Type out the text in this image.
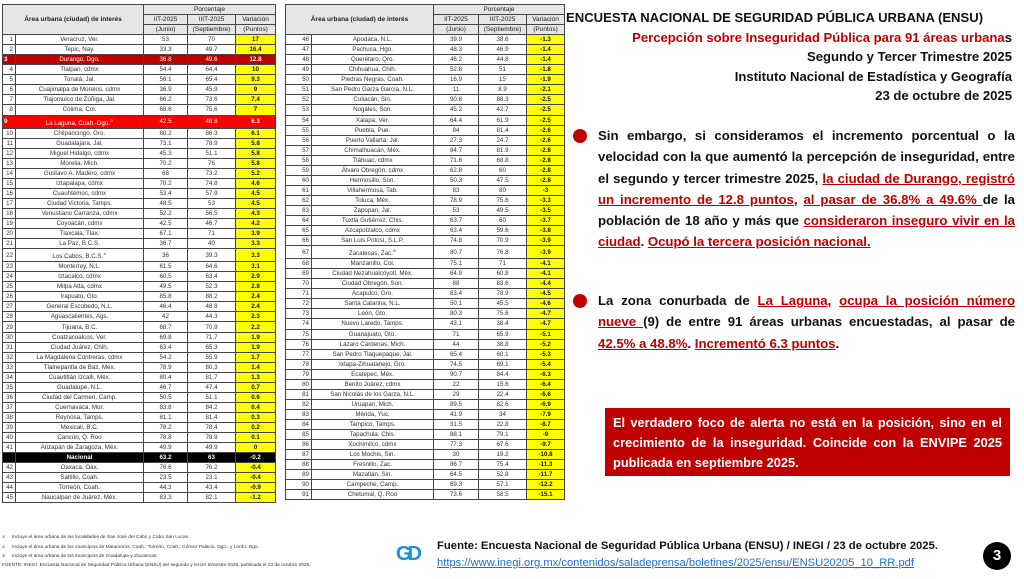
Área urbana (ciudad) de interés		Porcentaje		
		IIT-2025	IIIT-2025	Variación
		(Junio)	(Septiembre)	(Puntos)
1	Veracruz, Ver.	53	70	17
2	Tepic, Nay.	33.3	49.7	16.4
3	Durango, Dgo.	36.8	49.6	12.8
4	Tlalpan, cdmx	54.4	64.4	10
5	Tonalá, Jal.	56.1	65.4	9.3
6	Cuajimalpa de Morelos, cdmx	36.9	45.9	9
7	Tlajomulco de Zúñiga, Jal.	66.2	73.6	7.4
8	Colima, Col.	68.6	75.6	7
9	La Laguna, Coah.-Dgo.$^{2/}$	42.5	48.8	6.3
10	Chilpancingo, Gro.	80.2	86.3	6.1
11	Guadalajara, Jal.	73.1	78.9	5.8
12	Miguel Hidalgo, cdmx	45.3	51.1	5.8
13	Morelia, Mich.	70.2	76	5.8
14	Gustavo A. Madero, cdmx	68	73.2	5.2
15	Iztapalapa, cdmx	70.2	74.8	4.6
16	Cuauhtémoc, cdmx	53.4	57.9	4.5
17	Ciudad Victoria, Tamps.	48.5	53	4.5
18	Venustiano Carranza, cdmx	52.2	56.5	4.3
19	Coyoacán, cdmx	42.5	46.7	4.2
20	Tlaxcala, Tlax.	67.1	71	3.9
21	La Paz, B.C.S.	36.7	40	3.3
22	Los Cabos, B.C.S.$^{1/}$	36	39.3	3.3
23	Monterrey, N.L.	61.5	64.6	3.1
24	Iztacalco, cdmx	60.5	63.4	2.9
25	Milpa Alta, cdmx	49.5	52.3	2.8
26	Irapuato, Gto.	85.8	88.2	2.4
27	General Escobedo, N.L.	46.4	48.8	2.4
28	Aguascalientes, Ags.	42	44.3	2.3
29	Tijuana, B.C.	68.7	70.9	2.2
30	Coatzacoalcos, Ver.	69.8	71.7	1.9
31	Ciudad Juárez, Chih.	63.4	65.3	1.9
32	La Magdalena Contreras, cdmx	54.2	55.9	1.7
33	Tlalnepantla de Baz, Méx.	78.9	80.3	1.4
34	Cuautitlán Izcalli, Méx.	80.4	81.7	1.3
35	Guadalupe, N.L.	46.7	47.4	0.7
36	Ciudad del Carmen, Camp.	50.5	51.1	0.6
37	Cuernavaca, Mor.	83.8	84.2	0.4
38	Reynosa, Tamps.	81.1	81.4	0.3
39	Mexicali, B.C.	78.2	78.4	0.2
40	Cancún, Q. Roo	78.8	78.9	0.1
41	Atizapán de Zaragoza, Méx.	49.9	49.9	0
	Nacional	63.2	63	-0.2
42	Oaxaca, Oax.	76.6	76.2	-0.4
43	Saltillo, Coah.	23.5	23.1	-0.4
44	Torreón, Coah.	44.3	43.4	-0.9
45	Naucalpan de Juárez, Méx.	83.3	82.1	-1.2
Área urbana (ciudad) de interés		Porcentaje		
		IIT-2025	IIIT-2025	Variación
		(Junio)	(Septiembre)	(Puntos)
46	Apodaca, N.L.	39.9	38.6	-1.3
47	Pachuca, Hgo.	48.3	46.9	-1.4
48	Querétaro, Qro.	46.2	44.8	-1.4
49	Chihuahua, Chih.	52.8	51	-1.8
50	Piedras Negras, Coah.	16.9	15	-1.9
51	San Pedro Garza García, N.L.	11	8.9	-2.1
52	Culiacán, Sin.	90.8	88.3	-2.5
53	Nogales, Son.	45.2	42.7	-2.5
54	Xalapa, Ver.	64.4	61.9	-2.5
55	Puebla, Pue.	84	81.4	-2.6
56	Puerto Vallarta, Jal.	27.3	24.7	-2.6
57	Chimalhuacán, Méx.	84.7	81.9	-2.8
58	Tláhuac, cdmx	71.6	68.8	-2.8
59	Álvaro Obregón, cdmx	62.8	60	-2.8
60	Hermosillo, Son.	50.3	47.5	-2.8
61	Villahermosa, Tab.	83	80	-3
62	Toluca, Méx.	78.9	75.6	-3.3
63	Zapopan, Jal.	53	49.5	-3.5
64	Tuxtla Gutiérrez, Chis.	63.7	60	-3.7
65	Azcapotzalco, cdmx	63.4	59.6	-3.8
66	San Luis Potosí, S.L.P.	74.8	70.9	-3.9
67	Zacatecas, Zac.$^{3/}$	80.7	76.8	-3.9
68	Manzanillo, Col.	75.1	71	-4.1
69	Ciudad Nezahualcóyotl, Méx.	64.9	60.8	-4.1
70	Ciudad Obregón, Son.	88	83.6	-4.4
71	Acapulco, Gro.	83.4	78.9	-4.5
72	Santa Catarina, N.L.	50.1	45.5	-4.6
73	León, Gto.	80.3	75.6	-4.7
74	Nuevo Laredo, Tamps.	43.1	38.4	-4.7
75	Guanajuato, Gto.	71	65.9	-5.1
76	Lázaro Cárdenas, Mich.	44	38.8	-5.2
77	San Pedro Tlaquepaque, Jal.	65.4	60.1	-5.3
78	Ixtapa-Zihuatanejo, Gro.	74.5	69.1	-5.4
79	Ecatepec, Méx.	90.7	84.4	-6.3
80	Benito Juárez, cdmx	22	15.6	-6.4
81	San Nicolás de los Garza, N.L.	29	22.4	-6.6
82	Uruapan, Mich.	89.5	82.6	-6.9
83	Mérida, Yuc.	41.9	34	-7.9
84	Tampico, Tamps.	31.5	22.8	-8.7
85	Tapachula, Chis.	88.1	79.1	-9
86	Xochimilco, cdmx	77.3	67.6	-9.7
87	Los Mochis, Sin.	30	19.2	-10.8
88	Fresnillo, Zac.	86.7	75.4	-11.3
89	Mazatlán, Sin.	64.5	52.8	-11.7
90	Campeche, Camp.	69.3	57.1	-12.2
91	Chetumal, Q. Roo	73.6	58.5	-15.1
1/ Incluye el área urbana de las localidades de San José del Cabo y Cabo San Lucas.
2/ Incluye el área urbana de los municipios de Matamoros, Coah.; Torreón, Coah.; Gómez Palacio, Dgo.; y Lerdo, Dgo.
3/ Incluye el área urbana de los municipios de Guadalupe y Zacatecas.
FUENTE: INEGI. Encuesta Nacional de Seguridad Pública Urbana (ENSU) del segundo y tercer trimestre 2025, publicada el 23 de octubre 2025.
ENCUESTA NACIONAL DE SEGURIDAD PÚBLICA URBANA (ENSU)
Percepción sobre Inseguridad Pública para 91 áreas urbanas
Segundo y Tercer Trimestre 2025
Instituto Nacional de Estadística y Geografía
23 de octubre de 2025
Sin embargo, si consideramos el incremento porcentual o la velocidad con la que aumentó la percepción de inseguridad, entre el segundo y tercer trimestre 2025, la ciudad de Durango, registró un incremento de 12.8 puntos, al pasar de 36.8% a 49.6% de la población de 18 año y más que consideraron inseguro vivir en la ciudad. Ocupó la tercera posición nacional.
La zona conurbada de La Laguna, ocupa la posición número nueve (9) de entre 91 áreas urbanas encuestadas, al pasar de 42.5% a 48.8%. Incrementó 6.3 puntos.
El verdadero foco de alerta no está en la posición, sino en el crecimiento de la inseguridad. Coincide con la ENVIPE 2025 publicada en septiembre 2025.
GD	Fuente: Encuesta Nacional de Seguridad Pública Urbana (ENSU) / INEGI / 23 de octubre 2025.
https://www.inegi.org.mx/contenidos/saladeprensa/boletines/2025/ensu/ENSU20205_10_RR.pdf	3
